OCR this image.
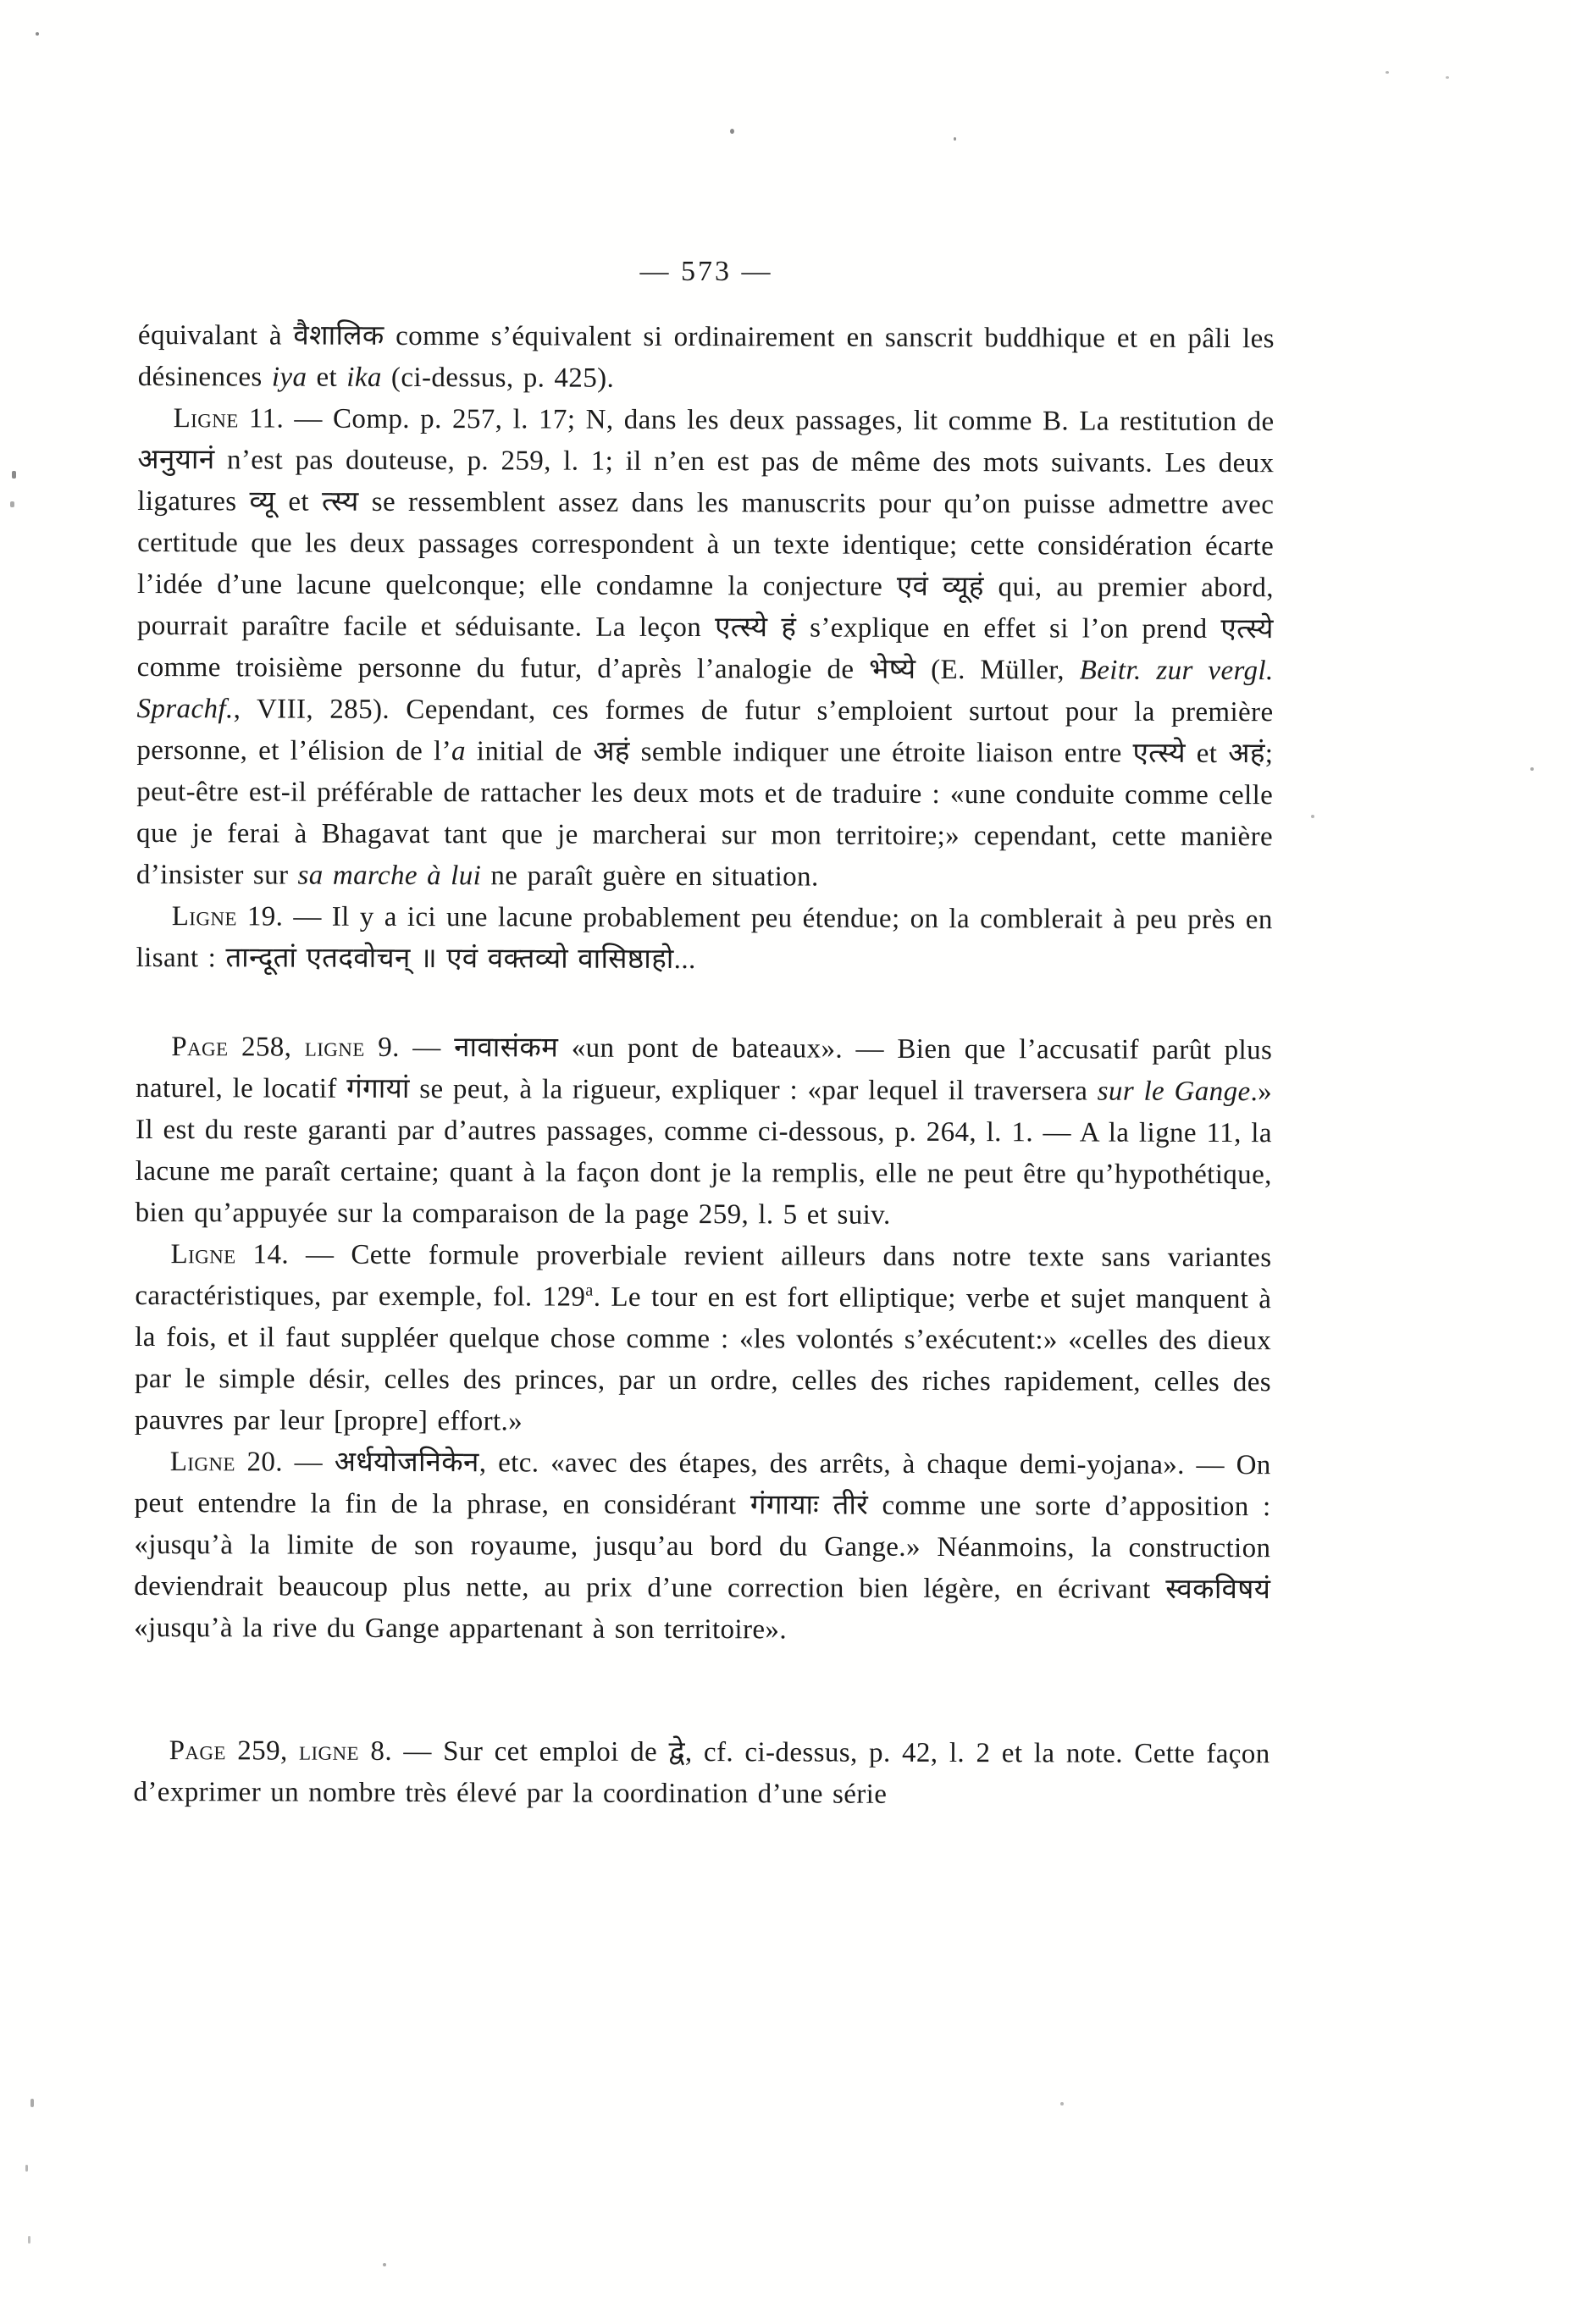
— 573 —

équivalant à वैशालिक comme s’équivalent si ordinairement en sanscrit buddhique et en pâli les désinences iya et ika (ci-dessus, p. 425).

Ligne 11. — Comp. p. 257, l. 17; N, dans les deux passages, lit comme B. La restitution de अनुयानं n’est pas douteuse, p. 259, l. 1; il n’en est pas de même des mots suivants. Les deux ligatures व्यू et त्स्य se ressemblent assez dans les manuscrits pour qu’on puisse admettre avec certitude que les deux passages correspondent à un texte identique; cette considération écarte l’idée d’une lacune quelconque; elle condamne la conjecture एवं व्यूहं qui, au premier abord, pourrait paraître facile et séduisante. La leçon एत्स्ये हं s’explique en effet si l’on prend एत्स्ये comme troisième personne du futur, d’après l’analogie de भेष्ये (E. Müller, Beitr. zur vergl. Sprachf., VIII, 285). Cependant, ces formes de futur s’emploient surtout pour la première personne, et l’élision de l’a initial de अहं semble indiquer une étroite liaison entre एत्स्ये et अहं; peut-être est-il préférable de rattacher les deux mots et de traduire : «une conduite comme celle que je ferai à Bhagavat tant que je marcherai sur mon territoire;» cependant, cette manière d’insister sur sa marche à lui ne paraît guère en situation.

Ligne 19. — Il y a ici une lacune probablement peu étendue; on la comblerait à peu près en lisant : तान्दूतां एतदवोचन् ॥ एवं वक्तव्यो वासिष्ठाहो...

Page 258, ligne 9. — नावासंकम «un pont de bateaux». — Bien que l’accusatif parût plus naturel, le locatif गंगायां se peut, à la rigueur, expliquer : «par lequel il traversera sur le Gange.» Il est du reste garanti par d’autres passages, comme ci-dessous, p. 264, l. 1. — A la ligne 11, la lacune me paraît certaine; quant à la façon dont je la remplis, elle ne peut être qu’hypothétique, bien qu’appuyée sur la comparaison de la page 259, l. 5 et suiv.

Ligne 14. — Cette formule proverbiale revient ailleurs dans notre texte sans variantes caractéristiques, par exemple, fol. 129$^a$. Le tour en est fort elliptique; verbe et sujet manquent à la fois, et il faut suppléer quelque chose comme : «les volontés s’exécutent:» «celles des dieux par le simple désir, celles des princes, par un ordre, celles des riches rapidement, celles des pauvres par leur [propre] effort.»

Ligne 20. — अर्धयोजनिकेन, etc. «avec des étapes, des arrêts, à chaque demi-yojana». — On peut entendre la fin de la phrase, en considérant गंगायाः तीरं comme une sorte d’apposition : «jusqu’à la limite de son royaume, jusqu’au bord du Gange.» Néanmoins, la construction deviendrait beaucoup plus nette, au prix d’une correction bien légère, en écrivant स्वकविषयं «jusqu’à la rive du Gange appartenant à son territoire».

Page 259, ligne 8. — Sur cet emploi de द्वे, cf. ci-dessus, p. 42, l. 2 et la note. Cette façon d’exprimer un nombre très élevé par la coordination d’une série
